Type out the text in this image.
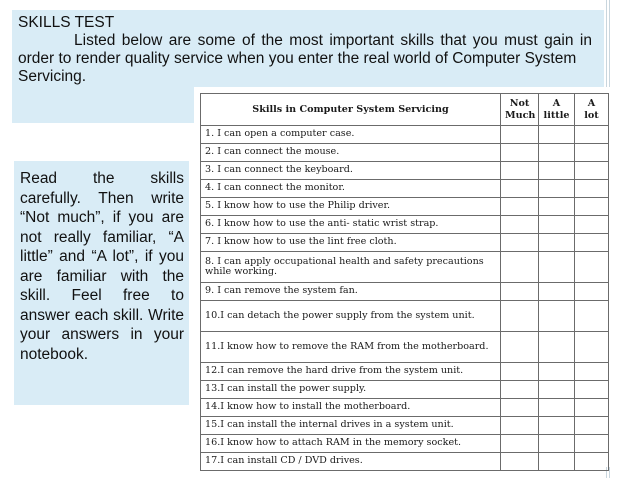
SKILLS TEST
Listed below are some of the most important skills that you must gain in order to render quality service when you enter the real world of Computer System
Servicing.
Read the skills carefully. Then write “Not much”, if you are not really familiar, “A little” and “A lot”, if you are familiar with the skill. Feel free to answer each skill. Write your answers in your notebook.
Skills in Computer System Servicing	Not Much	A little	A lot
1. I can open a computer case.			
2. I can connect the mouse.			
3. I can connect the keyboard.			
4. I can connect the monitor.			
5. I know how to use the Philip driver.			
6. I know how to use the anti- static wrist strap.			
7. I know how to use the lint free cloth.			
8. I can apply occupational health and safety precautions while working.			
9. I can remove the system fan.			
10.I can detach the power supply from the system unit.			
11.I know how to remove the RAM from the motherboard.			
12.I can remove the hard drive from the system unit.			
13.I can install the power supply.			
14.I know how to install the motherboard.			
15.I can install the internal drives in a system unit.			
16.I know how to attach RAM in the memory socket.			
17.I can install CD / DVD drives.			
